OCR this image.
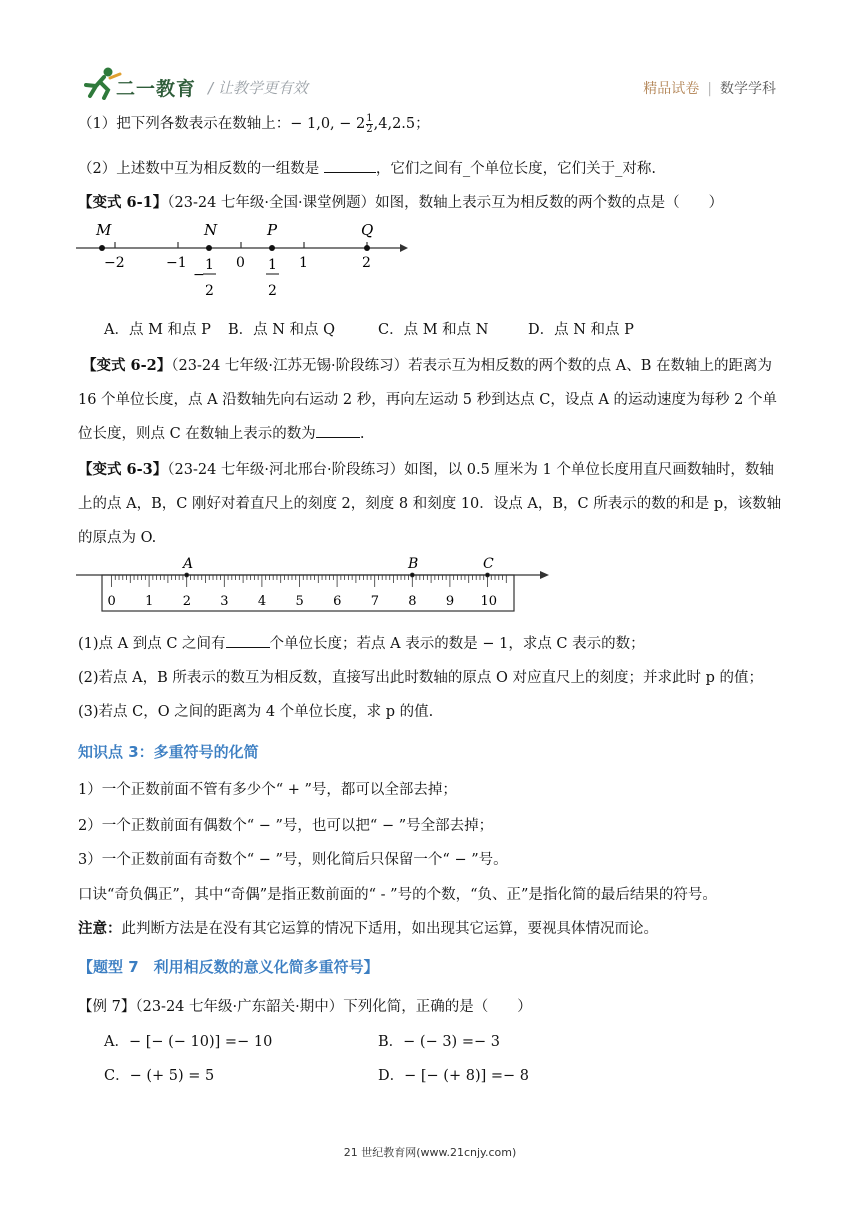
二一教育 / 让教学更有效	精品试卷 | 数学学科
（1）把下列各数表示在数轴上：− 1,0, − $2 \frac{1}{2} ,4,2.5$；
（2）上述数中互为相反数的一组数是	，它们之间有_个单位长度，它们关于_对称.
【变式 6-1】（23-24 七年级·全国·课堂例题）如图，数轴上表示互为相反数的两个数的点是（　　）
M	N	P	Q
−2	−1	0	1	2
−
1
2
1
2
A．点 M 和点 P B．点 N 和点 Q	C．点 M 和点 N	D．点 N 和点 P
【变式 6-2】（23-24 七年级·江苏无锡·阶段练习）若表示互为相反数的两个数的点 A、B 在数轴上的距离为
16 个单位长度，点 A 沿数轴先向右运动 2 秒，再向左运动 5 秒到达点 C，设点 A 的运动速度为每秒 2 个单
位长度，则点 C 在数轴上表示的数为	.
【变式 6-3】（23-24 七年级·河北邢台·阶段练习）如图，以 0.5 厘米为 1 个单位长度用直尺画数轴时，数轴
上的点 A，B，C 刚好对着直尺上的刻度 2，刻度 8 和刻度 10．设点 A，B，C 所表示的数的和是 p，该数轴
的原点为 O.
A	B	C
0 1 2 3 4 5 6 7 8 9 10
(1)点 A 到点 C 之间有	个单位长度；若点 A 表示的数是 − 1，求点 C 表示的数；
(2)若点 A，B 所表示的数互为相反数，直接写出此时数轴的原点 O 对应直尺上的刻度；并求此时 p 的值；
(3)若点 C，O 之间的距离为 4 个单位长度，求 p 的值.
知识点 3：多重符号的化简
1）一个正数前面不管有多少个“ + ”号，都可以全部去掉；
2）一个正数前面有偶数个“ − ”号，也可以把“ − ”号全部去掉；
3）一个正数前面有奇数个“ − ”号，则化简后只保留一个“ − ”号。
口诀“奇负偶正”，其中“奇偶”是指正数前面的“ - ”号的个数，“负、正”是指化简的最后结果的符号。
注意：此判断方法是在没有其它运算的情况下适用，如出现其它运算，要视具体情况而论。
【题型 7　利用相反数的意义化简多重符号】
【例 7】（23-24 七年级·广东韶关·期中）下列化简，正确的是（　　）
A．− [− (− 10)] =− 10	B．− (− 3) =− 3
C．− (+ 5) = 5	D．− [− (+ 8)] =− 8
21 世纪教育网(www.21cnjy.com)
